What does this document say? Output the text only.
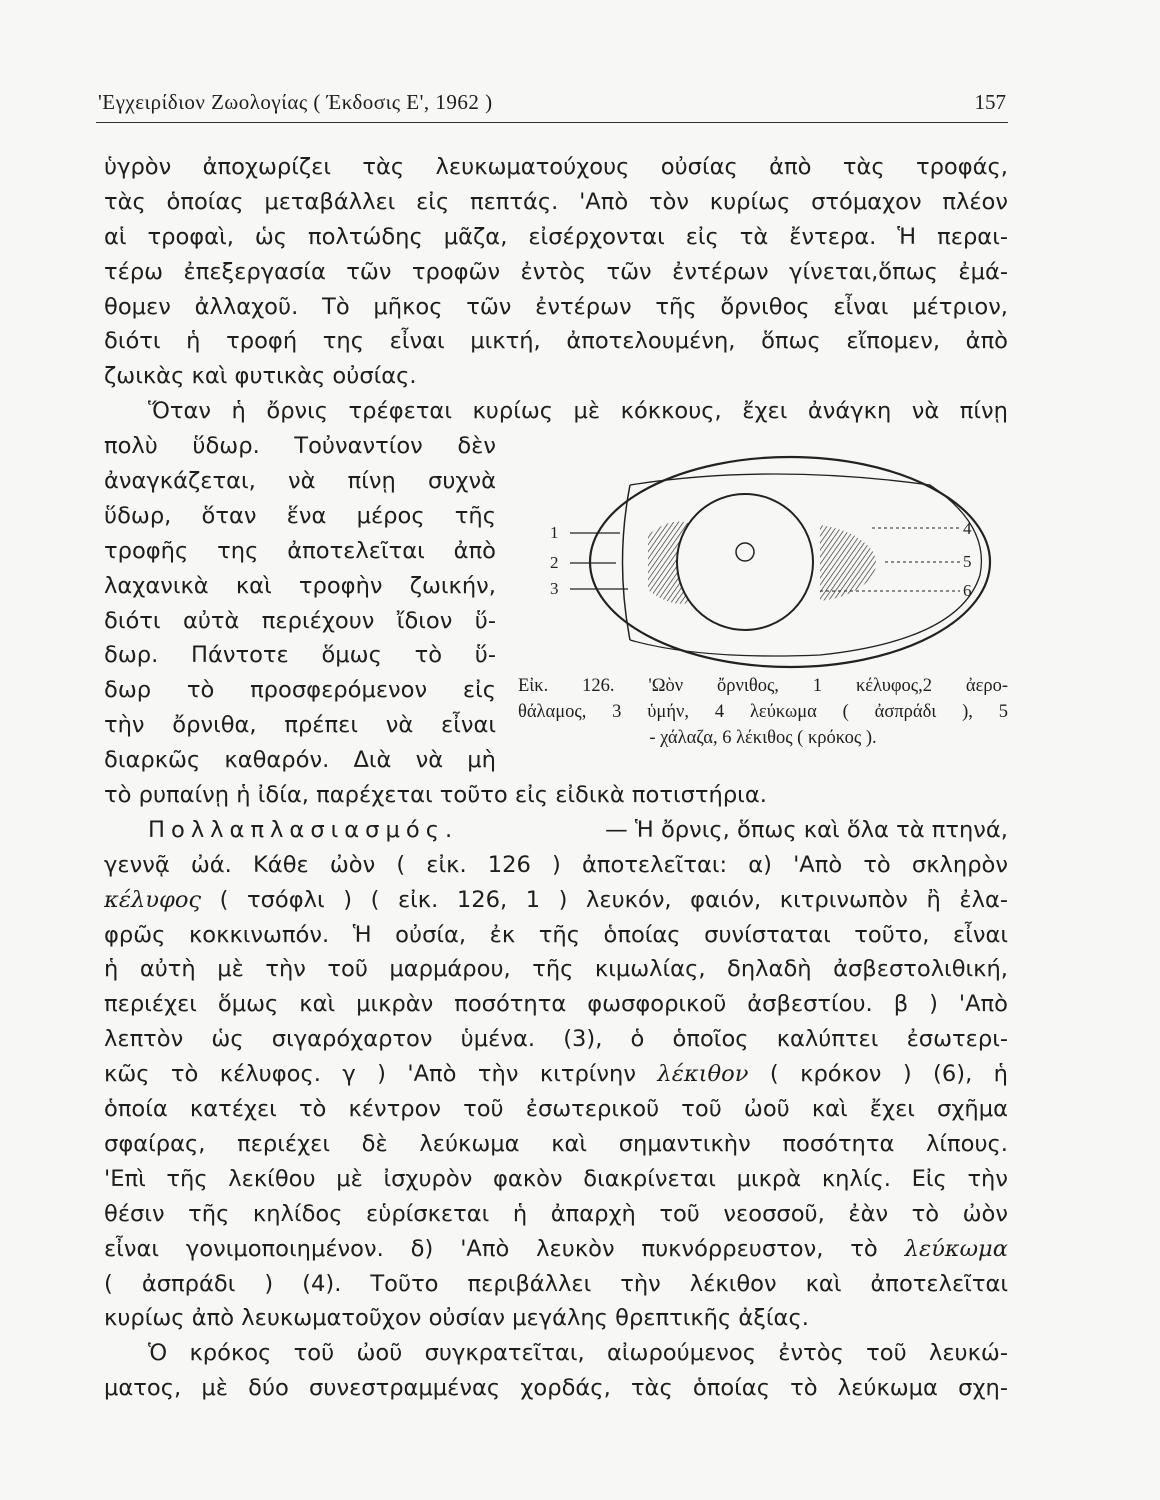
'Εγχειρίδιον Ζωολογίας ( Έκδοσις Ε', 1962 )	157
ὑγρὸν ἀποχωρίζει τὰς λευκωματούχους οὐσίας ἀπὸ τὰς τροφάς,
τὰς ὁποίας μεταβάλλει εἰς πεπτάς. 'Απὸ τὸν κυρίως στόμαχον πλέον
αἱ τροφαὶ, ὡς πολτώδης μᾶζα, εἰσέρχονται εἰς τὰ ἔντερα. Ἡ περαι-
τέρω ἐπεξεργασία τῶν τροφῶν ἐντὸς τῶν ἐντέρων γίνεται,ὅπως ἐμά-
θομεν ἀλλαχοῦ. Τὸ μῆκος τῶν ἐντέρων τῆς ὄρνιθος εἶναι μέτριον,
διότι ἡ τροφή της εἶναι μικτή, ἀποτελουμένη, ὅπως εἴπομεν, ἀπὸ
ζωικὰς καὶ φυτικὰς οὐσίας.
Ὅταν ἡ ὄρνις τρέφεται κυρίως μὲ κόκκους, ἔχει ἀνάγκη νὰ πίνῃ
πολὺ ὕδωρ. Τοὐναντίον δὲν
ἀναγκάζεται, νὰ πίνῃ συχνὰ
ὕδωρ, ὅταν ἕνα μέρος τῆς
τροφῆς της ἀποτελεῖται ἀπὸ
λαχανικὰ καὶ τροφὴν ζωικήν,
διότι αὐτὰ περιέχουν ἴδιον ὕ-
δωρ. Πάντοτε ὅμως τὸ ὕ-
δωρ τὸ προσφερόμενον εἰς
τὴν ὄρνιθα, πρέπει νὰ εἶναι
διαρκῶς καθαρόν. Διὰ νὰ μὴ
τὸ ρυπαίνῃ ἡ ἰδία, παρέχεται τοῦτο εἰς εἰδικὰ ποτιστήρια.
Πολλαπλασιασμός.	— Ἡ ὄρνις, ὅπως καὶ ὅλα τὰ πτηνά,
γεννᾷ ὠά. Κάθε ὠὸν ( εἰκ. 126 ) ἀποτελεῖται: α) 'Απὸ τὸ σκληρὸν
κέλυφος ( τσόφλι ) ( εἰκ. 126, 1 ) λευκόν, φαιόν, κιτρινωπὸν ἢ ἐλα-
φρῶς κοκκινωπόν. Ἡ οὐσία, ἐκ τῆς ὁποίας συνίσταται τοῦτο, εἶναι
ἡ αὐτὴ μὲ τὴν τοῦ μαρμάρου, τῆς κιμωλίας, δηλαδὴ ἀσβεστολιθική,
περιέχει ὅμως καὶ μικρὰν ποσότητα φωσφορικοῦ ἀσβεστίου. β ) 'Απὸ
λεπτὸν ὡς σιγαρόχαρτον ὑμένα. (3), ὁ ὁποῖος καλύπτει ἐσωτερι-
κῶς τὸ κέλυφος. γ ) 'Απὸ τὴν κιτρίνην λέκιθον ( κρόκον ) (6), ἡ
ὁποία κατέχει τὸ κέντρον τοῦ ἐσωτερικοῦ τοῦ ὠοῦ καὶ ἔχει σχῆμα
σφαίρας, περιέχει δὲ λεύκωμα καὶ σημαντικὴν ποσότητα λίπους.
'Επὶ τῆς λεκίθου μὲ ἰσχυρὸν φακὸν διακρίνεται μικρὰ κηλίς. Εἰς τὴν
θέσιν τῆς κηλίδος εὑρίσκεται ἡ ἀπαρχὴ τοῦ νεοσσοῦ, ἐὰν τὸ ὠὸν
εἶναι γονιμοποιημένον. δ) 'Απὸ λευκὸν πυκνόρρευστον, τὸ λεύκωμα
( ἀσπράδι ) (4). Τοῦτο περιβάλλει τὴν λέκιθον καὶ ἀποτελεῖται
κυρίως ἀπὸ λευκωματοῦχον οὐσίαν μεγάλης θρεπτικῆς ἀξίας.
Ὁ κρόκος τοῦ ὠοῦ συγκρατεῖται, αἰωρούμενος ἐντὸς τοῦ λευκώ-
ματος, μὲ δύο συνεστραμμένας χορδάς, τὰς ὁποίας τὸ λεύκωμα σχη-
1
2
3
4
5
6
Εἰκ. 126. 'Ωὸν ὄρνιθος, 1 κέλυφος,2 ἀερο-
θάλαμος, 3 ὑμήν, 4 λεύκωμα ( ἀσπράδι ), 5
- χάλαζα, 6 λέκιθος ( κρόκος ).
